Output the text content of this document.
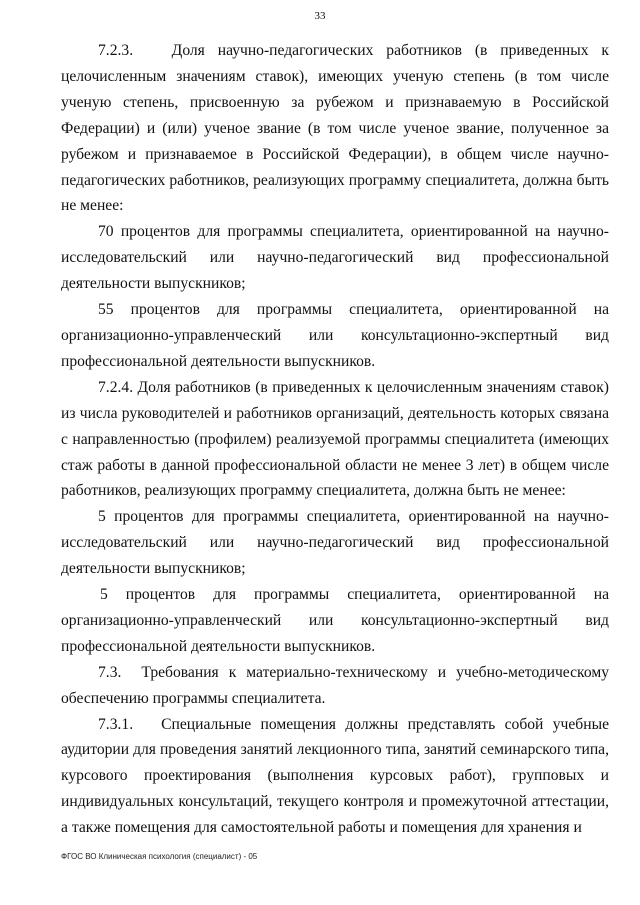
33

7.2.3.   Доля научно-педагогических работников (в приведенных к целочисленным значениям ставок), имеющих ученую степень (в том числе ученую степень, присвоенную за рубежом и признаваемую в Российской Федерации) и (или) ученое звание (в том числе ученое звание, полученное за рубежом и признаваемое в Российской Федерации), в общем числе научно-педагогических работников, реализующих программу специалитета, должна быть не менее:

70 процентов для программы специалитета, ориентированной на научно-исследовательский или научно-педагогический вид профессиональной деятельности выпускников;

55 процентов для программы специалитета, ориентированной на организационно-управленческий или консультационно-экспертный вид профессиональной деятельности выпускников.

7.2.4. Доля работников (в приведенных к целочисленным значениям ставок) из числа руководителей и работников организаций, деятельность которых связана с направленностью (профилем) реализуемой программы специалитета (имеющих стаж работы в данной профессиональной области не менее 3 лет) в общем числе работников, реализующих программу специалитета, должна быть не менее:

5 процентов для программы специалитета, ориентированной на научно-исследовательский или научно-педагогический вид профессиональной деятельности выпускников;

5 процентов для программы специалитета, ориентированной на организационно-управленческий или консультационно-экспертный вид профессиональной деятельности выпускников.

7.3.  Требования к материально-техническому и учебно-методическому обеспечению программы специалитета.

7.3.1.   Специальные помещения должны представлять собой учебные аудитории для проведения занятий лекционного типа, занятий семинарского типа, курсового проектирования (выполнения курсовых работ), групповых и индивидуальных консультаций, текущего контроля и промежуточной аттестации, а также помещения для самостоятельной работы и помещения для хранения и

ФГОС ВО Клиническая психология (специалист) - 05
